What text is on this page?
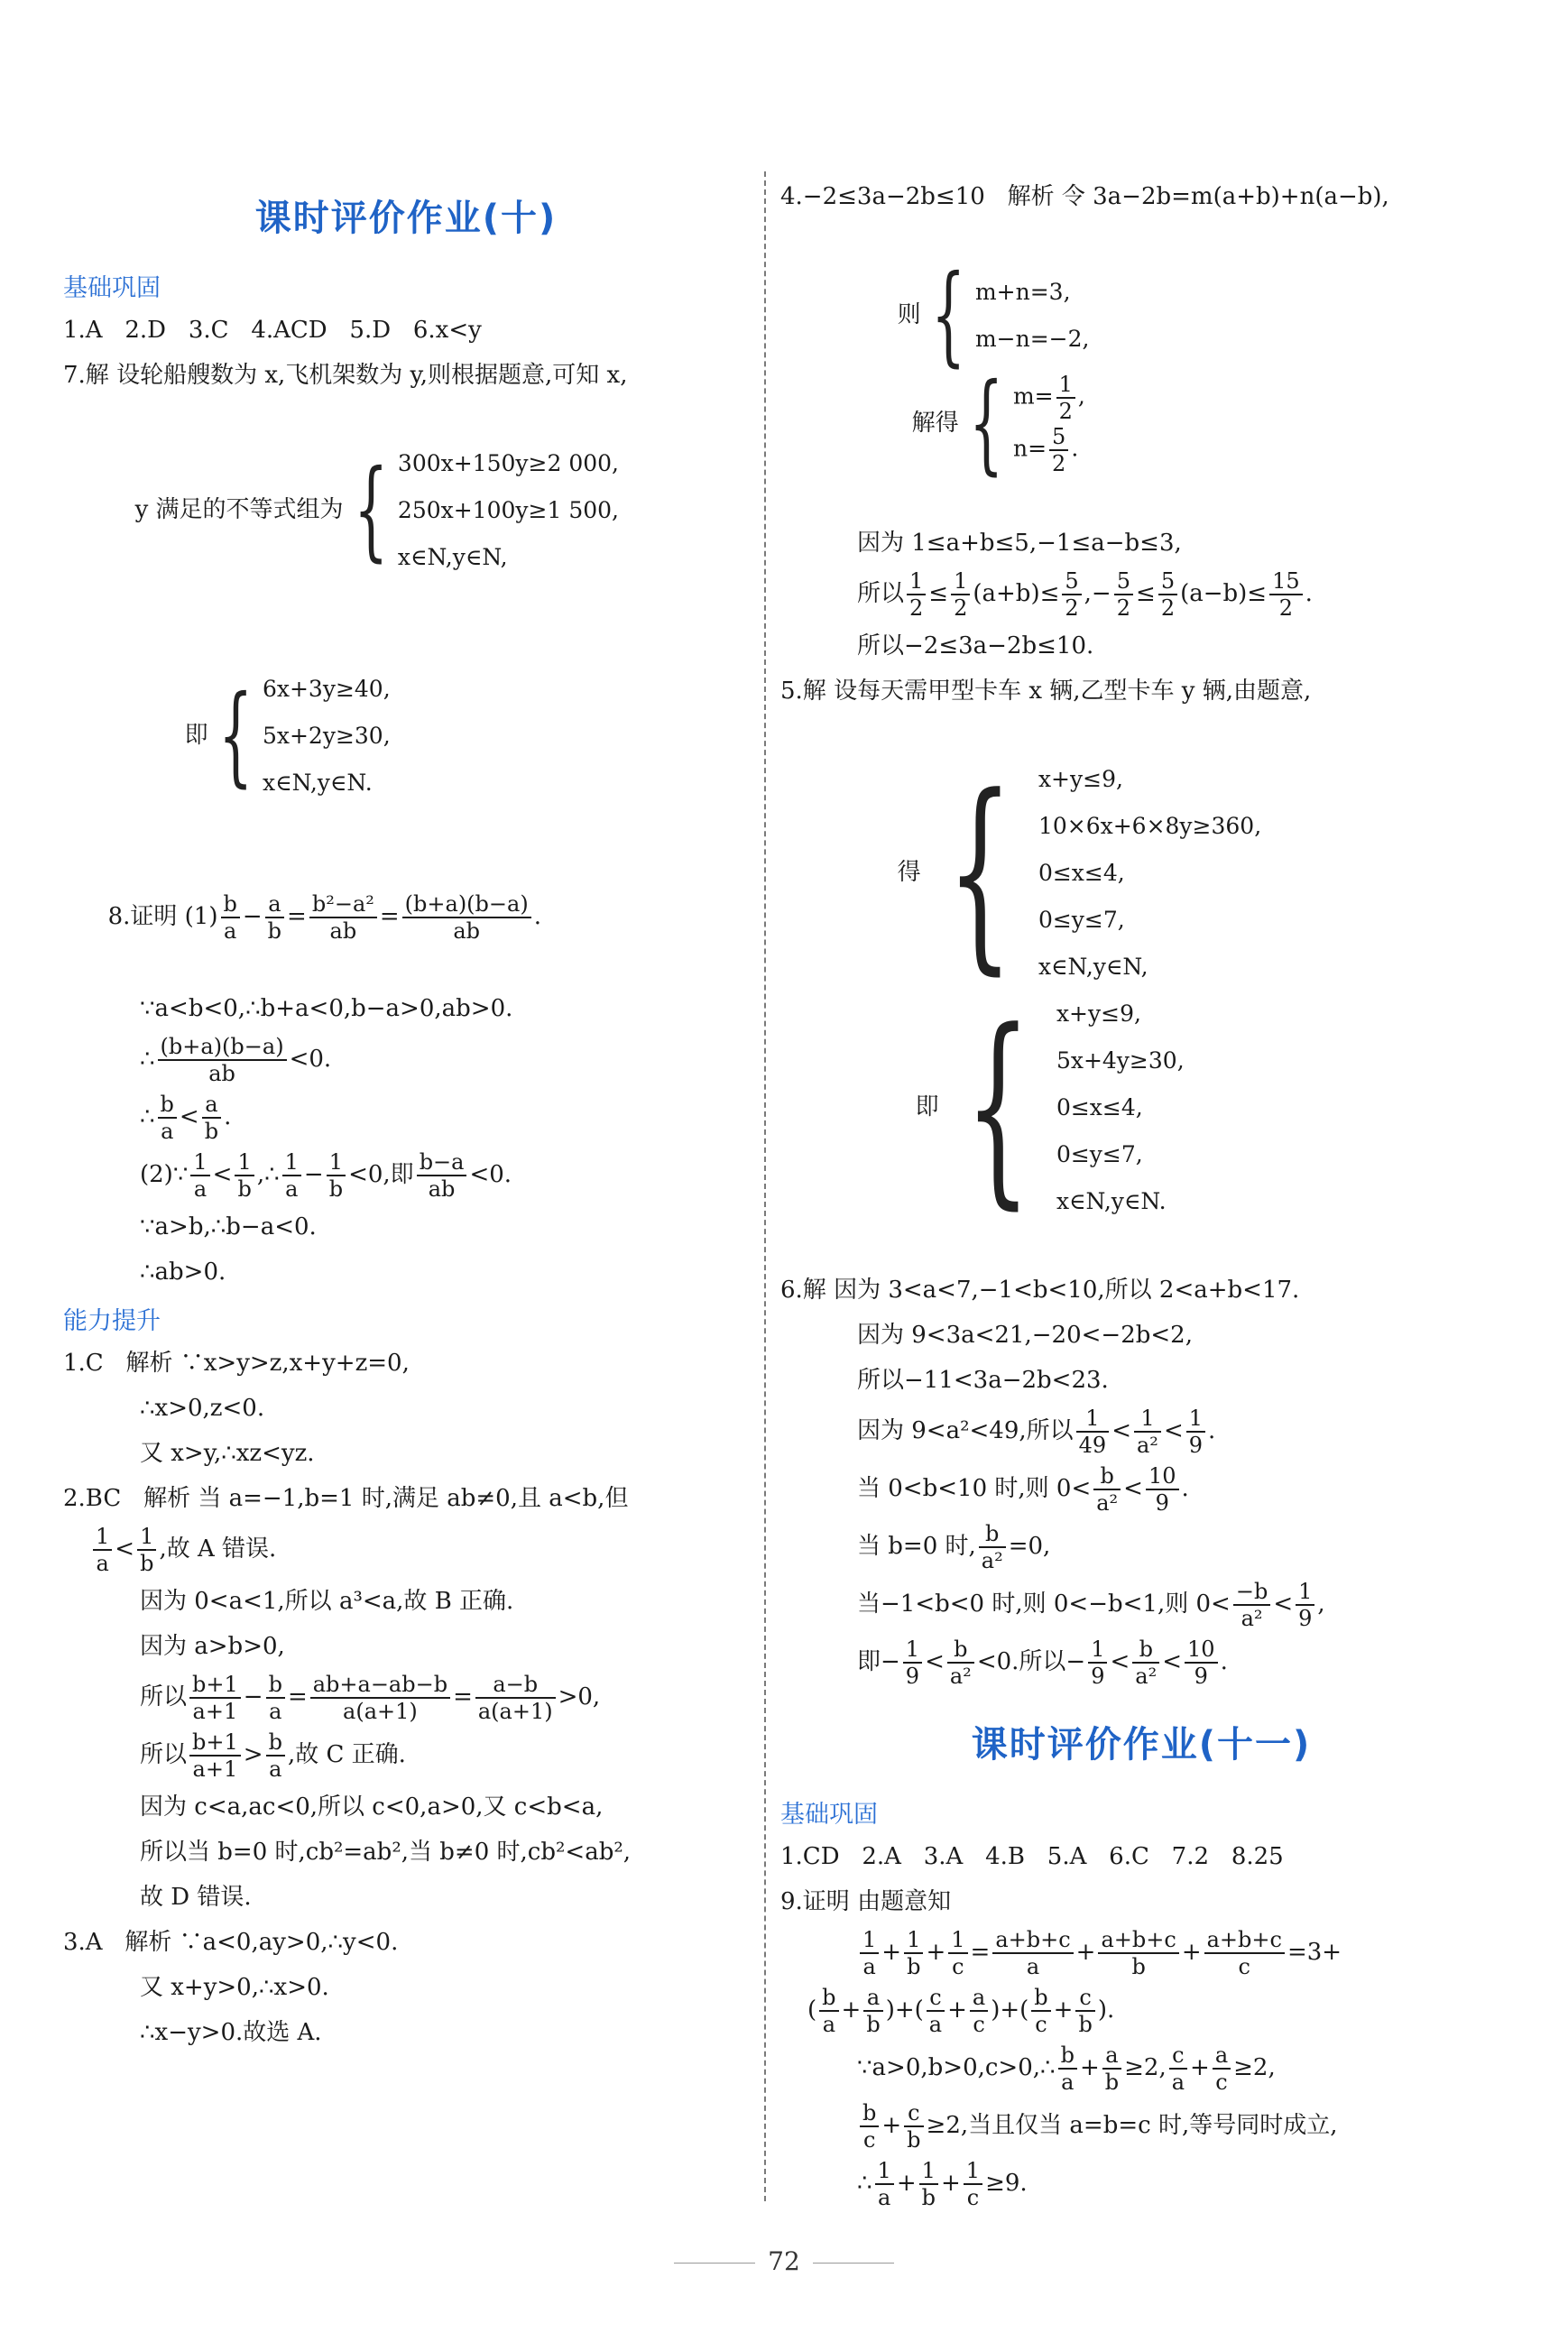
课时评价作业(十)
基础巩固
1.A   2.D   3.C   4.ACD   5.D   6.x<y
7.解 设轮船艘数为 x,飞机架数为 y,则根据题意,可知 x,

y 满足的不等式组为 { 300x+150y≥2 000,
250x+100y≥1 500,
x∈N,y∈N,

即 { 6x+3y≥40,
5x+2y≥30,
x∈N,y∈N.

8.证明 $(1) \frac{b}{a} - \frac{a}{b} = \frac{\text{b²−a²}}{ab} = \frac{(b+a)(b-a)}{ab}$ .

∵a<b<0,∴b+a<0,b−a>0,ab>0.
∴ $\frac{(b+a)(b-a)}{ab} <0$.
∴ $\frac{b}{a} < \frac{a}{b}$ .
(2)∵ $\frac{1}{a} < \frac{1}{b}$ ,∴ $\frac{1}{a} - \frac{1}{b} <0$,即 $\frac{b-a}{ab} <0$.
∵a>b,∴b−a<0.
∴ab>0.
能力提升
1.C   解析 ∵x>y>z,x+y+z=0,
∴x>0,z<0.
又 x>y,∴xz<yz.
2.BC   解析 当 a=−1,b=1 时,满足 ab≠0,且 a<b,但
$\frac{1}{a} < \frac{1}{b}$ ,故 A 错误.
因为 0<a<1,所以 a³<a,故 B 正确.
因为 a>b>0,
所以 $\frac{b+1}{a+1} - \frac{b}{a} = \frac{ab+a-ab-b}{a(a+1)} = \frac{a-b}{a(a+1)} >0$,
所以 $\frac{b+1}{a+1} > \frac{b}{a}$ ,故 C 正确.
因为 c<a,ac<0,所以 c<0,a>0,又 c<b<a,
所以当 b=0 时,cb²=ab²,当 b≠0 时,cb²<ab²,
故 D 错误.
3.A   解析 ∵a<0,ay>0,∴y<0.
又 x+y>0,∴x>0.
∴x−y>0.故选 A.
4.−2≤3a−2b≤10   解析 令 3a−2b=m(a+b)+n(a−b),

则 { m+n=3,
m−n=−2,

解得 { $m= \frac{1}{2}$ ,
$n= \frac{5}{2}$ .

因为 1≤a+b≤5,−1≤a−b≤3,
所以 $\frac{1}{2} \le \frac{1}{2} (a+b)\le \frac{5}{2}$ ,− $\frac{5}{2} \le \frac{5}{2} (a-b)\le \frac{15}{2}$ .
所以−2≤3a−2b≤10.
5.解 设每天需甲型卡车 x 辆,乙型卡车 y 辆,由题意,

得 { x+y≤9,
10×6x+6×8y≥360,
0≤x≤4,
0≤y≤7,
x∈N,y∈N,

即 { x+y≤9,
5x+4y≥30,
0≤x≤4,
0≤y≤7,
x∈N,y∈N.

6.解 因为 3<a<7,−1<b<10,所以 2<a+b<17.
因为 9<3a<21,−20<−2b<2,
所以−11<3a−2b<23.
因为 9<a²<49,所以 $\frac{1}{49} < \frac{1}{\text{a²}} < \frac{1}{9}$ .
当 0<b<10 时,则 $0< \frac{b}{\text{a²}} < \frac{10}{9}$ .
当 b=0 时, $\frac{b}{\text{a²}} =0$,
当−1<b<0 时,则 0<−b<1,则 $0< \frac{-b}{\text{a²}} < \frac{1}{9}$ ,
即− $\frac{1}{9} < \frac{b}{\text{a²}} <0$.所以− $\frac{1}{9} < \frac{b}{\text{a²}} < \frac{10}{9}$ .
课时评价作业(十一)
基础巩固
1.CD   2.A   3.A   4.B   5.A   6.C   7.2   8.25
9.证明 由题意知
$\frac{1}{a} + \frac{1}{b} + \frac{1}{c} = \frac{a+b+c}{a} + \frac{a+b+c}{b} + \frac{a+b+c}{c} =3+$
( $\frac{b}{a} + \frac{a}{b}$ )+( $\frac{c}{a} + \frac{a}{c}$ )+( $\frac{b}{c} + \frac{c}{b}$ ).
∵a>0,b>0,c>0,∴ $\frac{b}{a} + \frac{a}{b} \ge 2$, $\frac{c}{a} + \frac{a}{c} \ge 2$,
$\frac{b}{c} + \frac{c}{b} \ge 2$,当且仅当 a=b=c 时,等号同时成立,
∴ $\frac{1}{a} + \frac{1}{b} + \frac{1}{c} \ge 9$.
72
